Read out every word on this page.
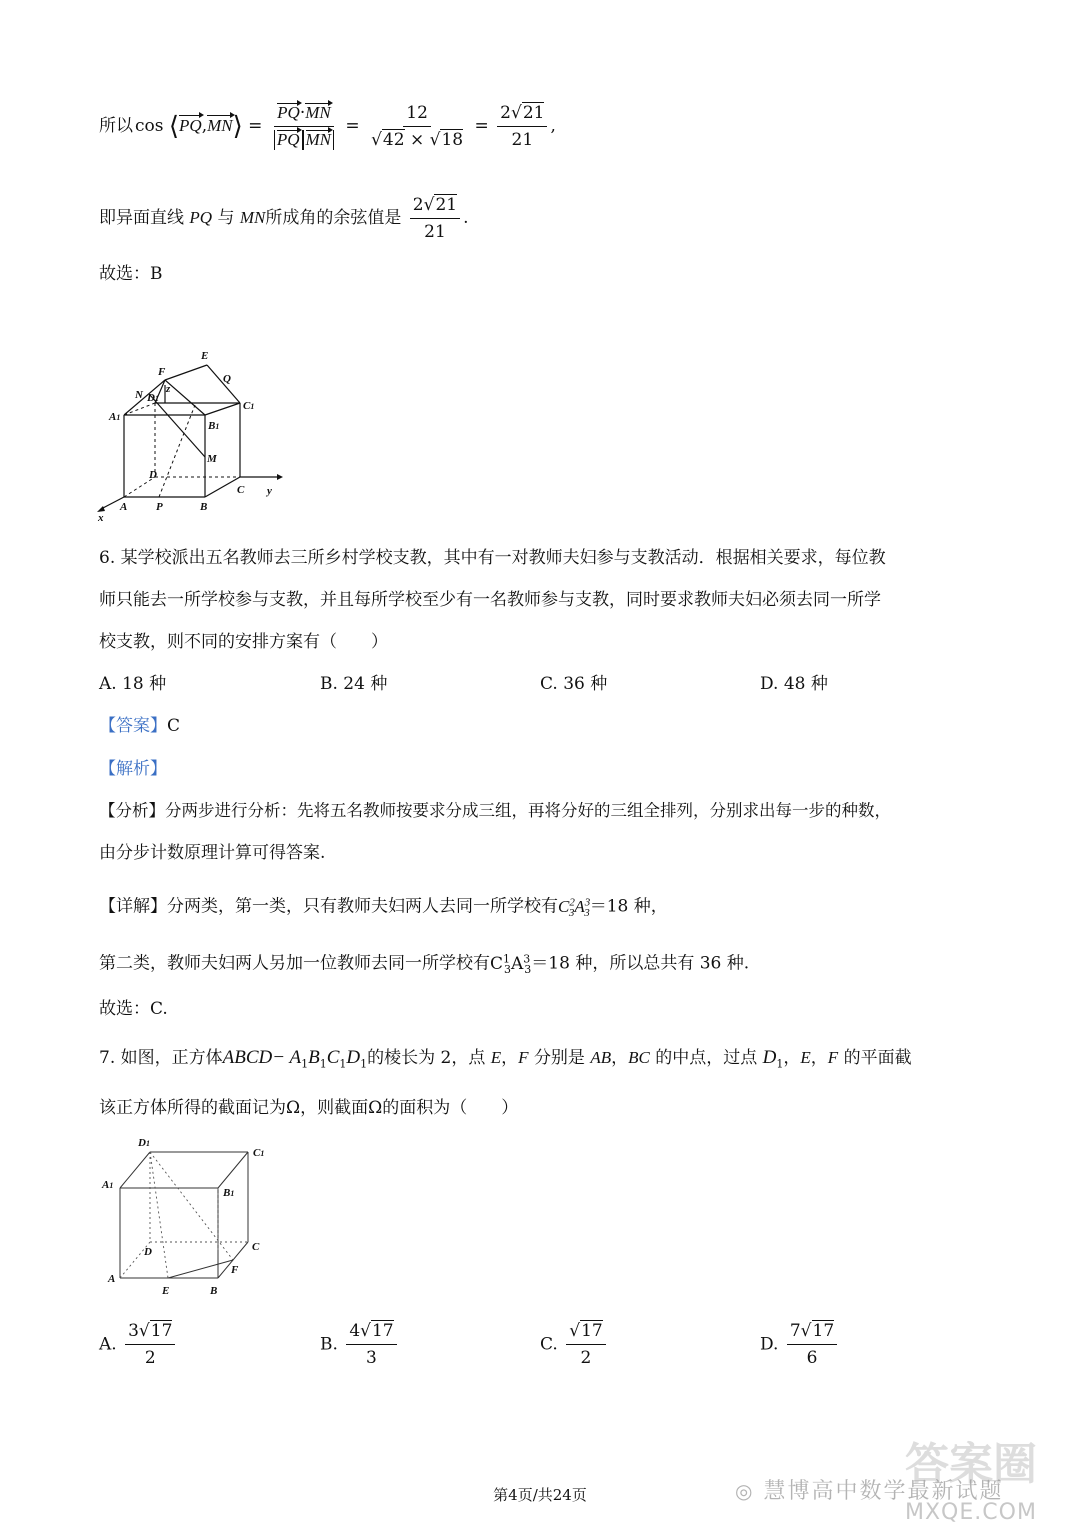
所以 cos ⟨PQ,MN⟩ = $\frac{PQ\cdot MN}{\text{PQ MN}} = \frac{12}{√42 \times √18} = \frac{2√21}{21}$ ,
即异面直线 PQ 与 MN所成角的余弦值是 $\frac{2√21}{21}$ .
故选：B
E
F
Q
N D1
z
C1
A1
B1
M
D
C y
A	P	B
x
6. 某学校派出五名教师去三所乡村学校支教，其中有一对教师夫妇参与支教活动．根据相关要求，每位教
师只能去一所学校参与支教，并且每所学校至少有一名教师参与支教，同时要求教师夫妇必须去同一所学
校支教，则不同的安排方案有（　　）
A. 18 种	B. 24 种	C. 36 种	D. 48 种
【答案】C
【解析】
【分析】分两步进行分析：先将五名教师按要求分成三组，再将分好的三组全排列，分别求出每一步的种数，
由分步计数原理计算可得答案.
【详解】分两类，第一类，只有教师夫妇两人去同一所学校有$C^2_3A^3_3=18$ 种，
第二类，教师夫妇两人另加一位教师去同一所学校有$C^1_3A^3_3=18$ 种，所以总共有 36 种.
故选：C.
7. 如图，正方体ABCD− $A_1B_1C_1D_1$的棱长为 2，点 E，F 分别是 AB，BC 的中点，过点 $D_1$，E，F 的平面截
该正方体所得的截面记为Ω，则截面Ω的面积为（　　）
D1
C1
A1
B1
D	C
A
F
E	B
A. $\frac{3√17}{2}$	B. $\frac{4√17}{3}$	C. $\frac{√17}{2}$	D. $\frac{7√17}{6}$
答案圈
◎ 慧博高中数学最新试题
MXQE.COM
第4页/共24页
